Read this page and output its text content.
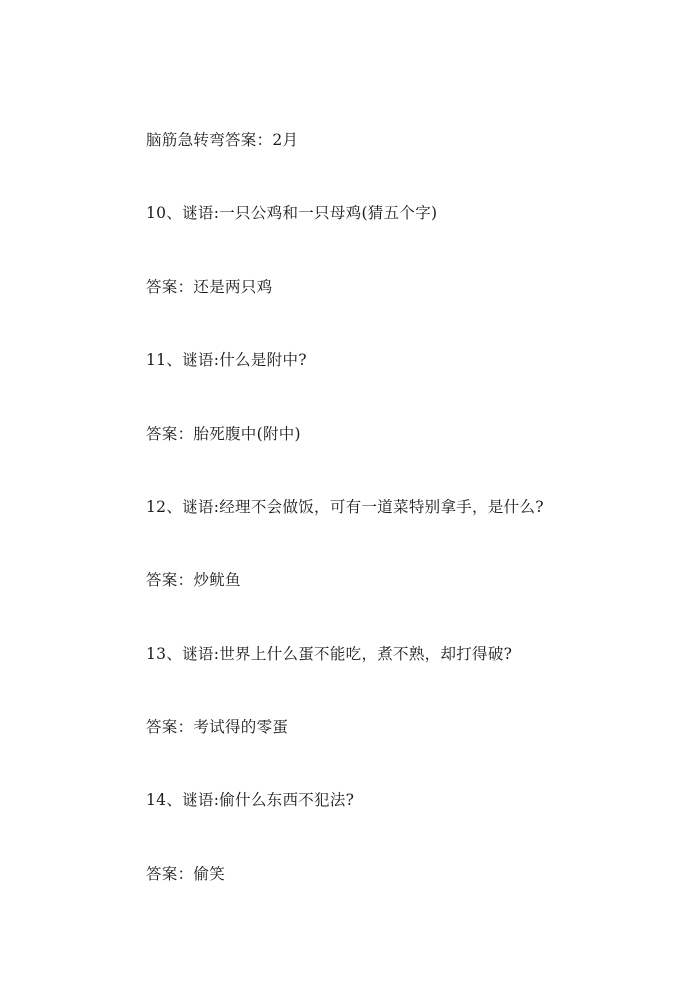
脑筋急转弯答案：2月
10、谜语:一只公鸡和一只母鸡(猜五个字)
答案：还是两只鸡
11、谜语:什么是附中?
答案：胎死腹中(附中)
12、谜语:经理不会做饭，可有一道菜特别拿手，是什么?
答案：炒鱿鱼
13、谜语:世界上什么蛋不能吃，煮不熟，却打得破?
答案：考试得的零蛋
14、谜语:偷什么东西不犯法?
答案：偷笑
